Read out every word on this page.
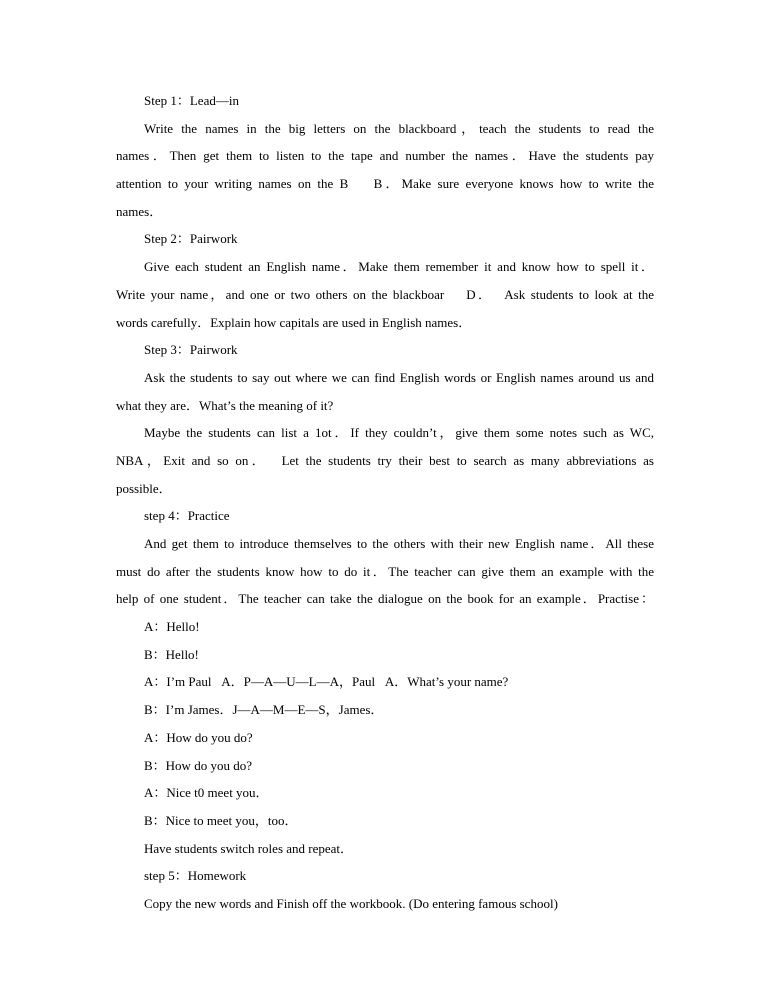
Step 1：Lead—in
Write the names in the big letters on the blackboard，teach the students to read the
names．Then get them to listen to the tape and number the names．Have the students pay
attention to your writing names on the B    B．Make sure everyone knows how to write the
names．
Step 2：Pairwork
Give each student an English name．Make them remember it and know how to spell it．
Write your name，and one or two others on the blackboar    D．  Ask students to look at the
words carefully．Explain how capitals are used in English names．
Step 3：Pairwork
Ask the students to say out where we can find English words or English names around us and
what they are．What’s the meaning of it?
Maybe the students can list a 1ot．If they couldn’t，give them some notes such as WC,
NBA，Exit and so on．  Let the students try their best to search as many abbreviations as
possible．
step 4：Practice
And get them to introduce themselves to the others with their new English name．All these
must do after the students know how to do it．The teacher can give them an example with the
help of one student．The teacher can take the dialogue on the book for an example．Practise：
A：Hello!
B：Hello!
A：I’m Paul   A．P—A—U—L—A，Paul   A．What’s your name?
B：I’m James．J—A—M—E—S，James．
A：How do you do?
B：How do you do?
A：Nice t0 meet you．
B：Nice to meet you，too．
Have students switch roles and repeat．
step 5：Homework
Copy the new words and Finish off the workbook. (Do entering famous school)
